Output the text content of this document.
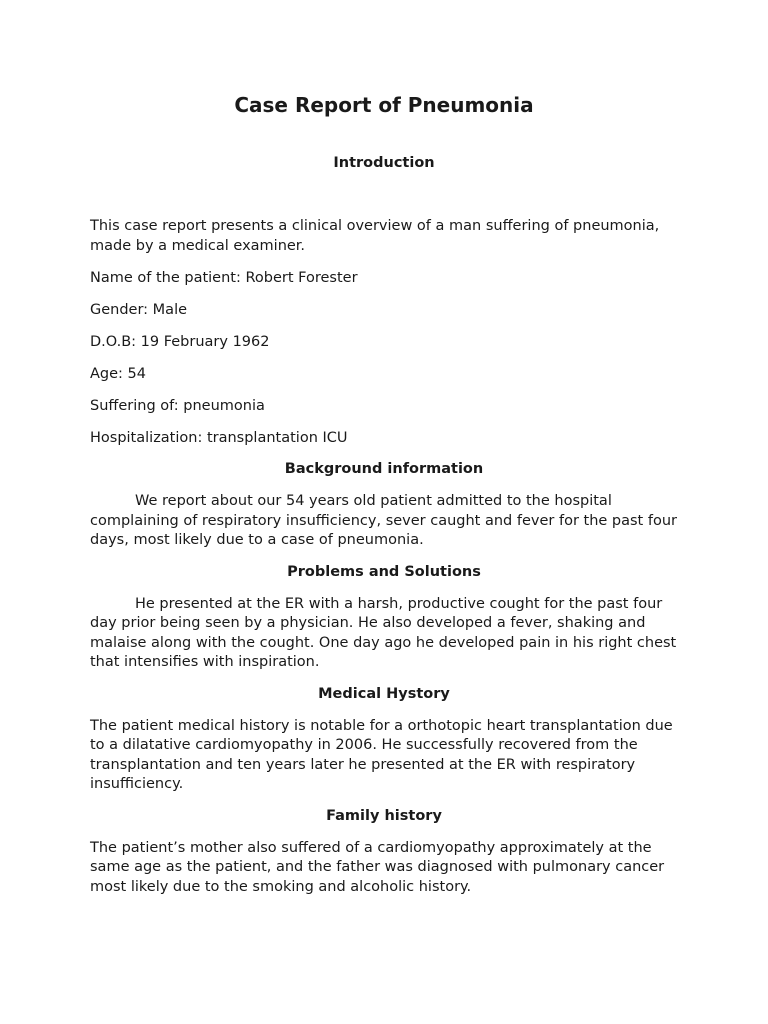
Case Report of Pneumonia
Introduction

This case report presents a clinical overview of a man suffering of pneumonia, made by a medical examiner.

Name of the patient: Robert Forester

Gender: Male

D.O.B: 19 February 1962

Age: 54

Suffering of: pneumonia

Hospitalization: transplantation ICU

Background information

We report about our 54 years old patient admitted to the hospital complaining of respiratory insufficiency, sever caught and fever for the past four days, most likely due to a case of pneumonia.

Problems and Solutions

He presented at the ER with a harsh, productive cought for the past four day prior being seen by a physician. He also developed a fever, shaking and malaise along with the cought. One day ago he developed pain in his right chest that intensifies with inspiration.

Medical Hystory

The patient medical history is notable for a orthotopic heart transplantation due to a dilatative cardiomyopathy in 2006. He successfully recovered from the transplantation and ten years later he presented at the ER with respiratory insufficiency.

Family history

The patient’s mother also suffered of a cardiomyopathy approximately at the same age as the patient, and the father was diagnosed with pulmonary cancer most likely due to the smoking and alcoholic history.
